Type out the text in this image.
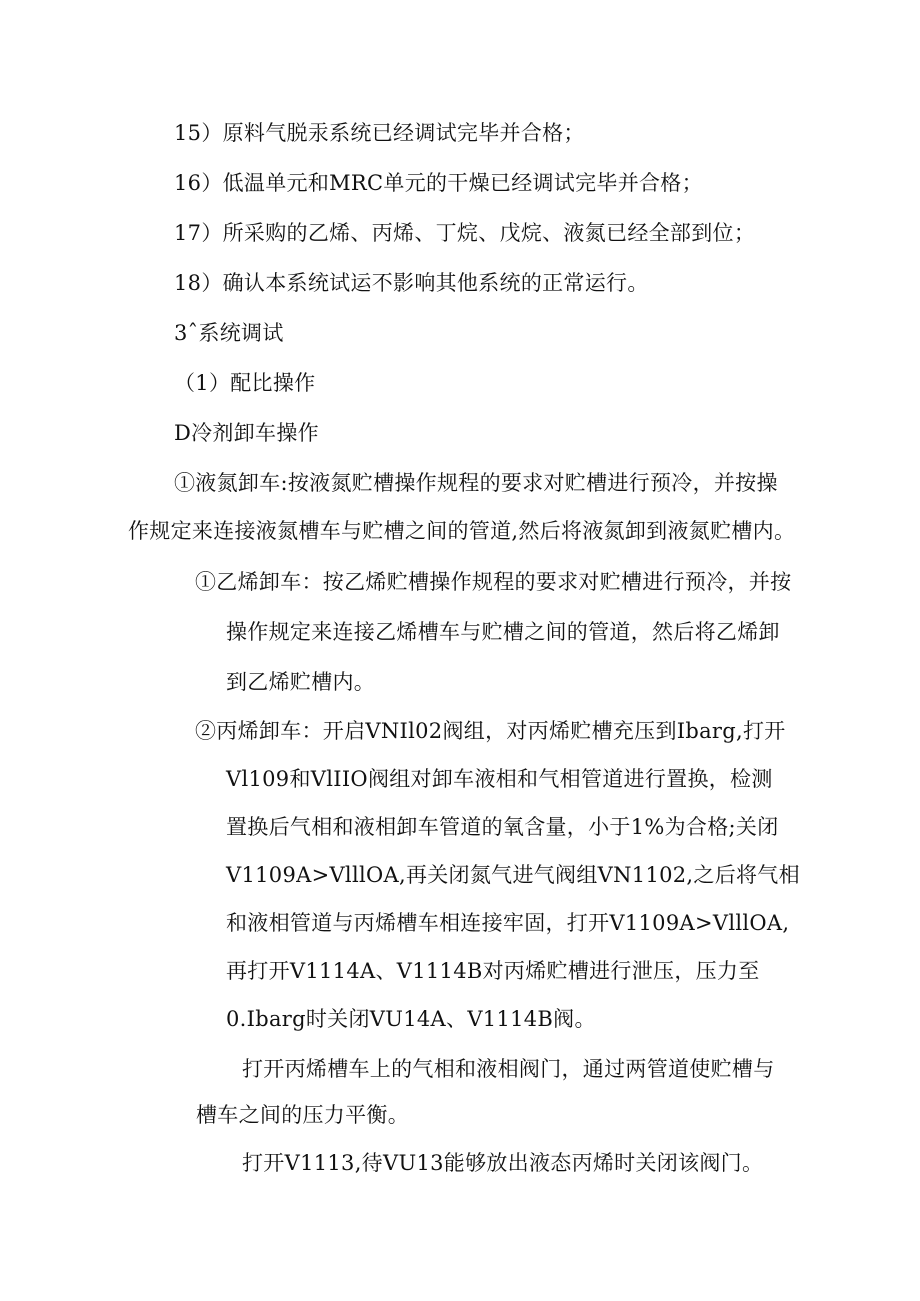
15）原料气脱汞系统已经调试完毕并合格；

16）低温单元和MRC单元的干燥已经调试完毕并合格；

17）所采购的乙烯、丙烯、丁烷、戊烷、液氮已经全部到位；

18）确认本系统试运不影响其他系统的正常运行。

3ˆ系统调试

（1）配比操作

D冷剂卸车操作

①液氮卸车:按液氮贮槽操作规程的要求对贮槽进行预冷，并按操

作规定来连接液氮槽车与贮槽之间的管道,然后将液氮卸到液氮贮槽内。

①乙烯卸车：按乙烯贮槽操作规程的要求对贮槽进行预冷，并按

操作规定来连接乙烯槽车与贮槽之间的管道，然后将乙烯卸

到乙烯贮槽内。

②丙烯卸车：开启VNIl02阀组，对丙烯贮槽充压到Ibarg,打开

Vl109和VlIIO阀组对卸车液相和气相管道进行置换，检测

置换后气相和液相卸车管道的氧含量，小于1%为合格;关闭

V1109A>VlllOA,再关闭氮气进气阀组VN1102,之后将气相

和液相管道与丙烯槽车相连接牢固，打开V1109A>VlllOA,

再打开V1114A、V1114B对丙烯贮槽进行泄压，压力至

0.Ibarg时关闭VU14A、V1114B阀。

打开丙烯槽车上的气相和液相阀门，通过两管道使贮槽与

槽车之间的压力平衡。

打开V1113,待VU13能够放出液态丙烯时关闭该阀门。
